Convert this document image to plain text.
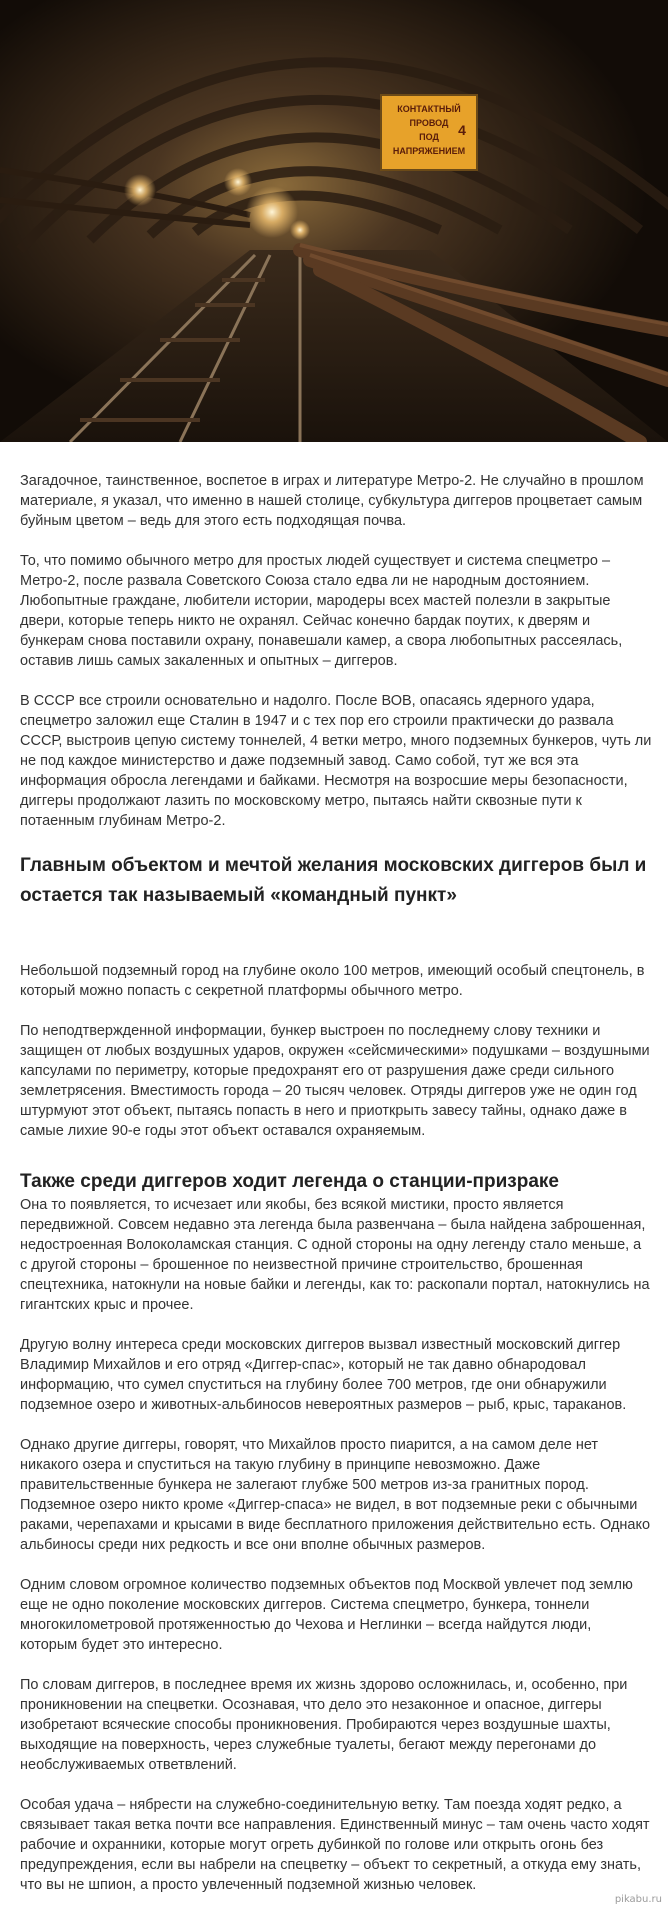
КОНТАКТНЫЙ
ПРОВОД
ПОД
НАПРЯЖЕНИЕМ
4

Загадочное, таинственное, воспетое в играх и литературе Метро-2. Не случайно в прошлом материале, я указал, что именно в нашей столице, субкультура диггеров процветает самым буйным цветом – ведь для этого есть подходящая почва.

То, что помимо обычного метро для простых людей существует и система спецметро – Метро-2, после развала Советского Союза стало едва ли не народным достоянием. Любопытные граждане, любители истории, мародеры всех мастей полезли в закрытые двери, которые теперь никто не охранял. Сейчас конечно бардак поутих, к дверям и бункерам снова поставили охрану, понавешали камер, а свора любопытных рассеялась, оставив лишь самых закаленных и опытных – диггеров.

В СССР все строили основательно и надолго. После ВОВ, опасаясь ядерного удара, спецметро заложил еще Сталин в 1947 и с тех пор его строили практически до развала СССР, выстроив цепую систему тоннелей, 4 ветки метро, много подземных бункеров, чуть ли не под каждое министерство и даже подземный завод. Само собой, тут же вся эта информация обросла легендами и байками. Несмотря на возросшие меры безопасности, диггеры продолжают лазить по московскому метро, пытаясь найти сквозные пути к потаенным глубинам Метро-2.

Главным объектом и мечтой желания московских диггеров был и остается так называемый «командный пункт»

Небольшой подземный город на глубине около 100 метров, имеющий особый спецтонель, в который можно попасть с секретной платформы обычного метро.

По неподтвержденной информации, бункер выстроен по последнему слову техники и защищен от любых воздушных ударов, окружен «сейсмическими» подушками – воздушными капсулами по периметру, которые предохранят его от разрушения даже среди сильного землетрясения. Вместимость города – 20 тысяч человек. Отряды диггеров уже не один год штурмуют этот объект, пытаясь попасть в него и приоткрыть завесу тайны, однако даже в самые лихие 90-е годы этот объект оставался охраняемым.

Также среди диггеров ходит легенда о станции-призраке

Она то появляется, то исчезает или якобы, без всякой мистики, просто является передвижной. Совсем недавно эта легенда была развенчана – была найдена заброшенная, недостроенная Волоколамская станция. С одной стороны на одну легенду стало меньше, а с другой стороны – брошенное по неизвестной причине строительство, брошенная спецтехника, натокнули на новые байки и легенды, как то: раскопали портал, натокнулись на гигантских крыс и прочее.

Другую волну интереса среди московских диггеров вызвал известный московский диггер Владимир Михайлов и его отряд «Диггер-спас», который не так давно обнародовал информацию, что сумел спуститься на глубину более 700 метров, где они обнаружили подземное озеро и животных-альбиносов невероятных размеров – рыб, крыс, тараканов.

Однако другие диггеры, говорят, что Михайлов просто пиарится, а на самом деле нет никакого озера и спуститься на такую глубину в принципе невозможно. Даже правительственные бункера не залегают глубже 500 метров из-за гранитных пород. Подземное озеро никто кроме «Диггер-спаса» не видел, в вот подземные реки с обычными раками, черепахами и крысами в виде бесплатного приложения действительно есть. Однако альбиносы среди них редкость и все они вполне обычных размеров.

Одним словом огромное количество подземных объектов под Москвой увлечет под землю еще не одно поколение московских диггеров. Система спецметро, бункера, тоннели многокилометровой протяженностью до Чехова и Неглинки – всегда найдутся люди, которым будет это интересно.

По словам диггеров, в последнее время их жизнь здорово осложнилась, и, особенно, при проникновении на спецветки. Осознавая, что дело это незаконное и опасное, диггеры изобретают всяческие способы проникновения. Пробираются через воздушные шахты, выходящие на поверхность, через служебные туалеты, бегают между перегонами до необслуживаемых ответвлений.

Особая удача – нябрести на служебно-соединительную ветку. Там поезда ходят редко, а связывает такая ветка почти все направления. Единственный минус – там очень часто ходят рабочие и охранники, которые могут огреть дубинкой по голове или открыть огонь без предупреждения, если вы набрели на спецветку – объект то секретный, а откуда ему знать, что вы не шпион, а просто увлеченный подземной жизнью человек.

pikabu.ru
